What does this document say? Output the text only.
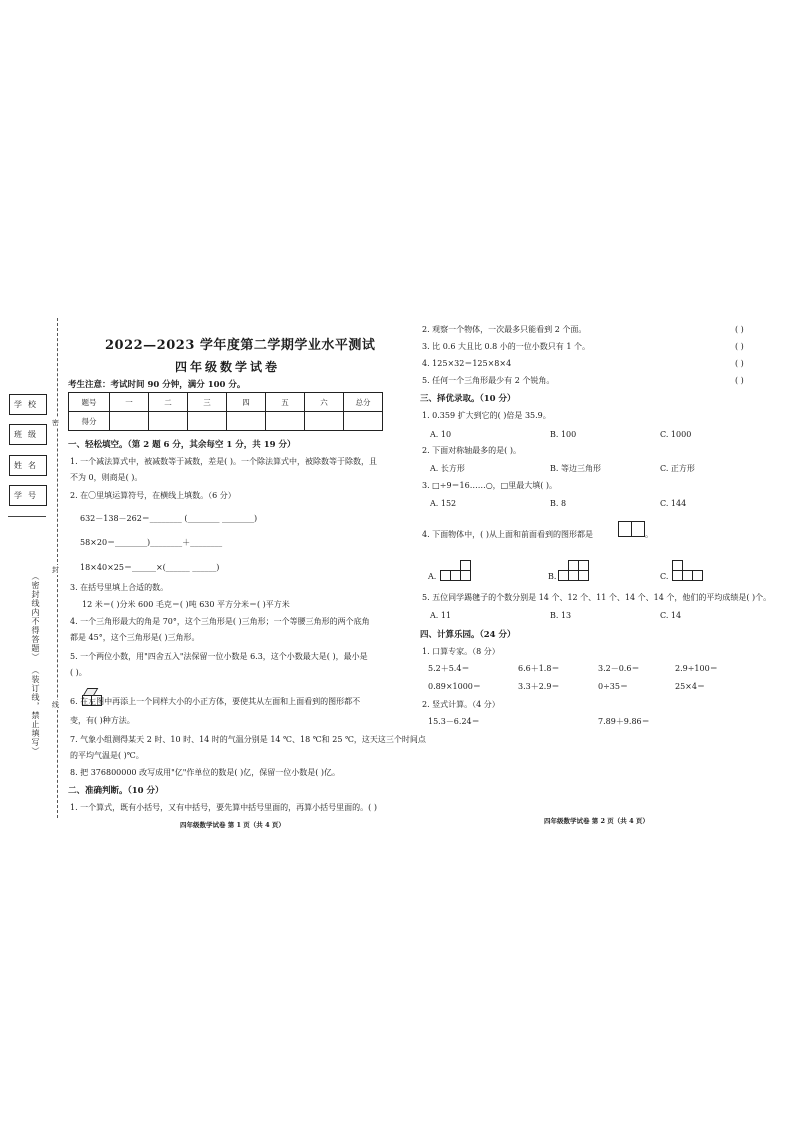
学校
班级
姓名
学号
（密封线内不得答题）
（装订线，禁止填写）
密
封
线
2022—2023 学年度第二学期学业水平测试
四年级数学试卷
考生注意：考试时间 90 分钟，满分 100 分。
题号	一	二	三	四	五	六	总分
得分							
一、轻松填空。（第 2 题 6 分，其余每空 1 分，共 19 分）
1. 一个减法算式中，被减数等于减数，差是( )。一个除法算式中，被除数等于除数，且
不为 0，则商是( )。
2. 在〇里填运算符号，在横线上填数。（6 分）
632－138－262＝________ (________ ________)
58×20＝________)________＋________
18×40×25＝______×(______ ______)
3. 在括号里填上合适的数。
12 米＝( )分米 600 毛克＝( )吨 630 平方分米＝( )平方米
4. 一个三角形最大的角是 70°，这个三角形是( )三角形；一个等腰三角形的两个底角
都是 45°，这个三角形是( )三角形。
5. 一个两位小数，用"四舍五入"法保留一位小数是 6.3，这个小数最大是( )，最小是
( )。
6. 在左图中再添上一个同样大小的小正方体，要使其从左面和上面看到的图形都不
变，有( )种方法。
7. 气象小组测得某天 2 时、10 时、14 时的气温分别是 14 ℃、18 ℃和 25 ℃，这天这三个时间点
的平均气温是( )℃。
8. 把 376800000 改写成用"亿"作单位的数是( )亿，保留一位小数是( )亿。
二、准确判断。（10 分）
1. 一个算式，既有小括号，又有中括号，要先算中括号里面的，再算小括号里面的。( )
四年级数学试卷 第 1 页（共 4 页）
2. 观察一个物体，一次最多只能看到 2 个面。	( )
3. 比 0.6 大且比 0.8 小的一位小数只有 1 个。	( )
4. 125×32＝125×8×4	( )
5. 任何一个三角形最少有 2 个锐角。	( )
三、择优录取。（10 分）
1. 0.359 扩大到它的( )倍是 35.9。
A. 10	B. 100	C. 1000
2. 下面对称轴最多的是( )。
A. 长方形	B. 等边三角形	C. 正方形
3. □÷9＝16……○，□里最大填( )。
A. 152	B. 8	C. 144
4. 下面物体中，( )从上面和前面看到的图形都是	。
A.	B.	C.
5. 五位同学踢毽子的个数分别是 14 个、12 个、11 个、14 个、14 个，他们的平均成绩是( )个。
A. 11	B. 13	C. 14
四、计算乐园。（24 分）
1. 口算专家。（8 分）
5.2＋5.4＝	6.6＋1.8＝	3.2－0.6＝	2.9÷100＝
0.89×1000＝	3.3＋2.9＝	0÷35＝	25×4＝
2. 竖式计算。（4 分）
15.3－6.24＝	7.89＋9.86＝
四年级数学试卷 第 2 页（共 4 页）
